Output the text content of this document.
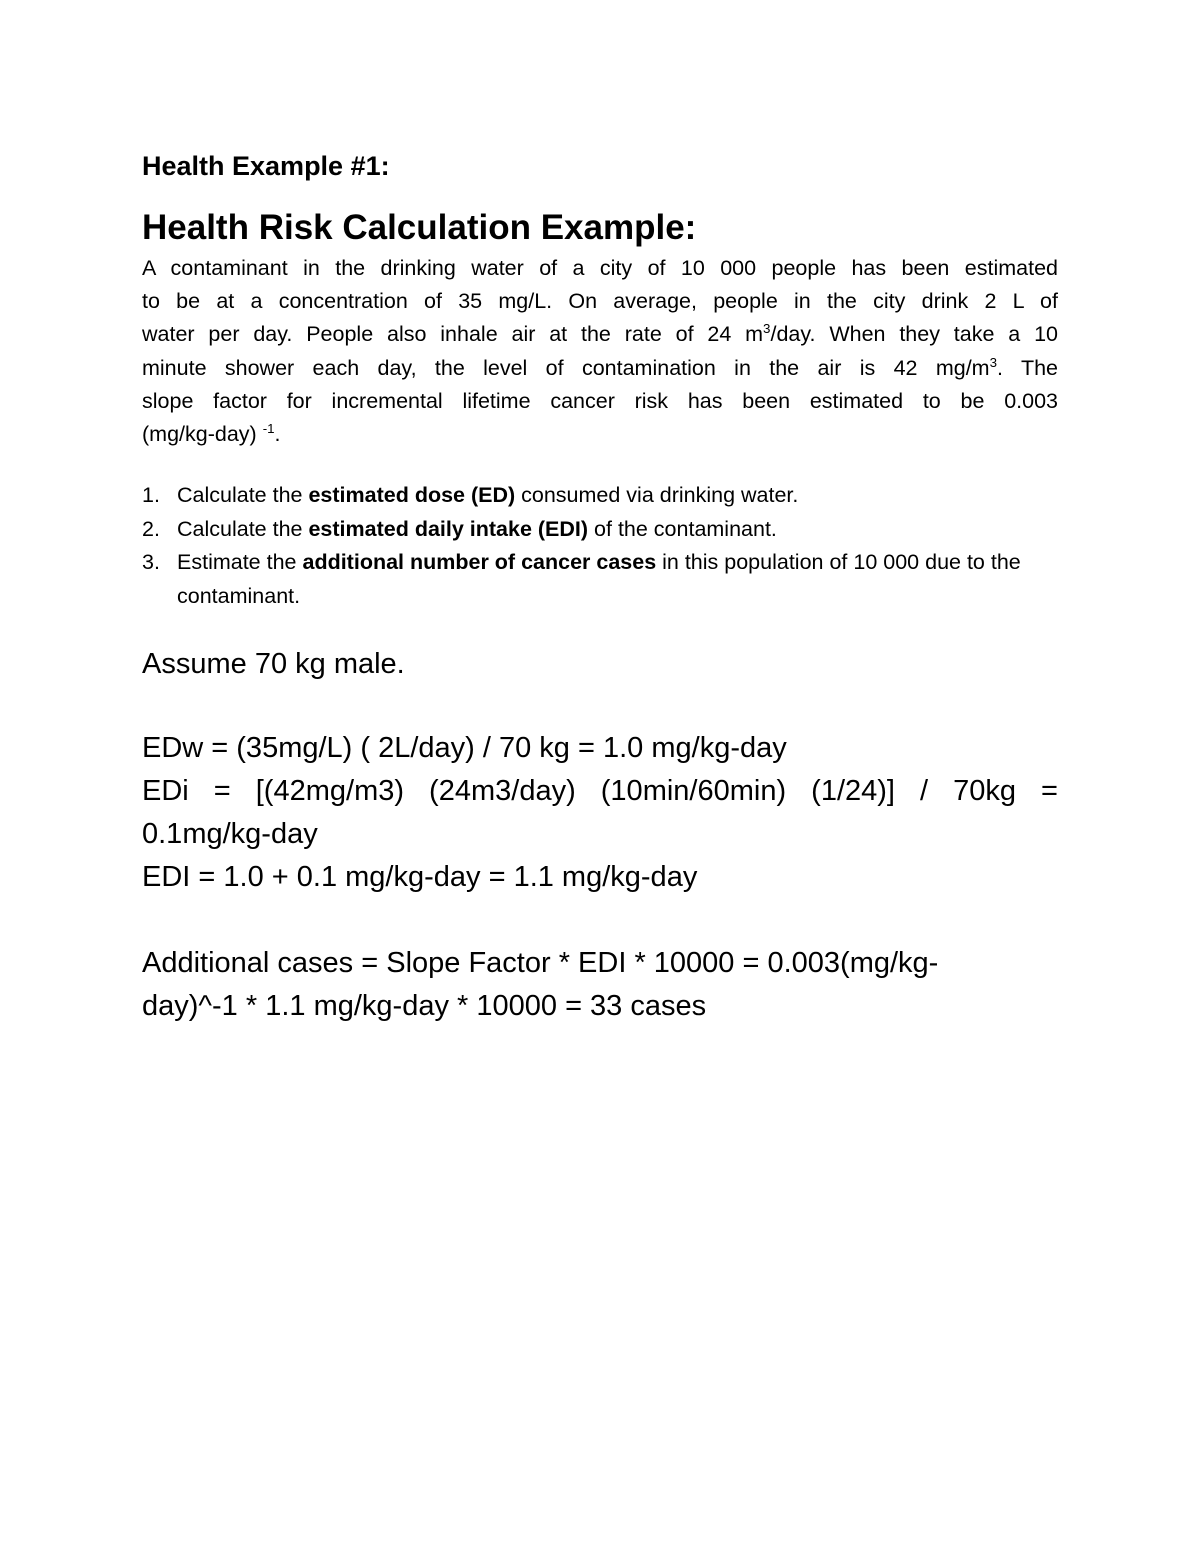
Health Example #1:
Health Risk Calculation Example:
A contaminant in the drinking water of a city of 10 000 people has been estimated
to be at a concentration of 35 mg/L. On average, people in the city drink 2 L of
water per day. People also inhale air at the rate of 24 $m^3$/day. When they take a 10
minute shower each day, the level of contamination in the air is 42 $mg/m^3$. The
slope factor for incremental lifetime cancer risk has been estimated to be 0.003
(mg/kg-day) $^{-1}$.
1. Calculate the estimated dose (ED) consumed via drinking water.
2. Calculate the estimated daily intake (EDI) of the contaminant.
3. Estimate the additional number of cancer cases in this population of 10 000 due to the contaminant.
Assume 70 kg male.
EDw = (35mg/L) ( 2L/day) / 70 kg = 1.0 mg/kg-day
EDi = [(42mg/m3) (24m3/day) (10min/60min) (1/24)] / 70kg =
0.1mg/kg-day
EDI = 1.0 + 0.1 mg/kg-day = 1.1 mg/kg-day
Additional cases = Slope Factor * EDI * 10000 = 0.003(mg/kg-
day)^-1 * 1.1 mg/kg-day * 10000 = 33 cases
